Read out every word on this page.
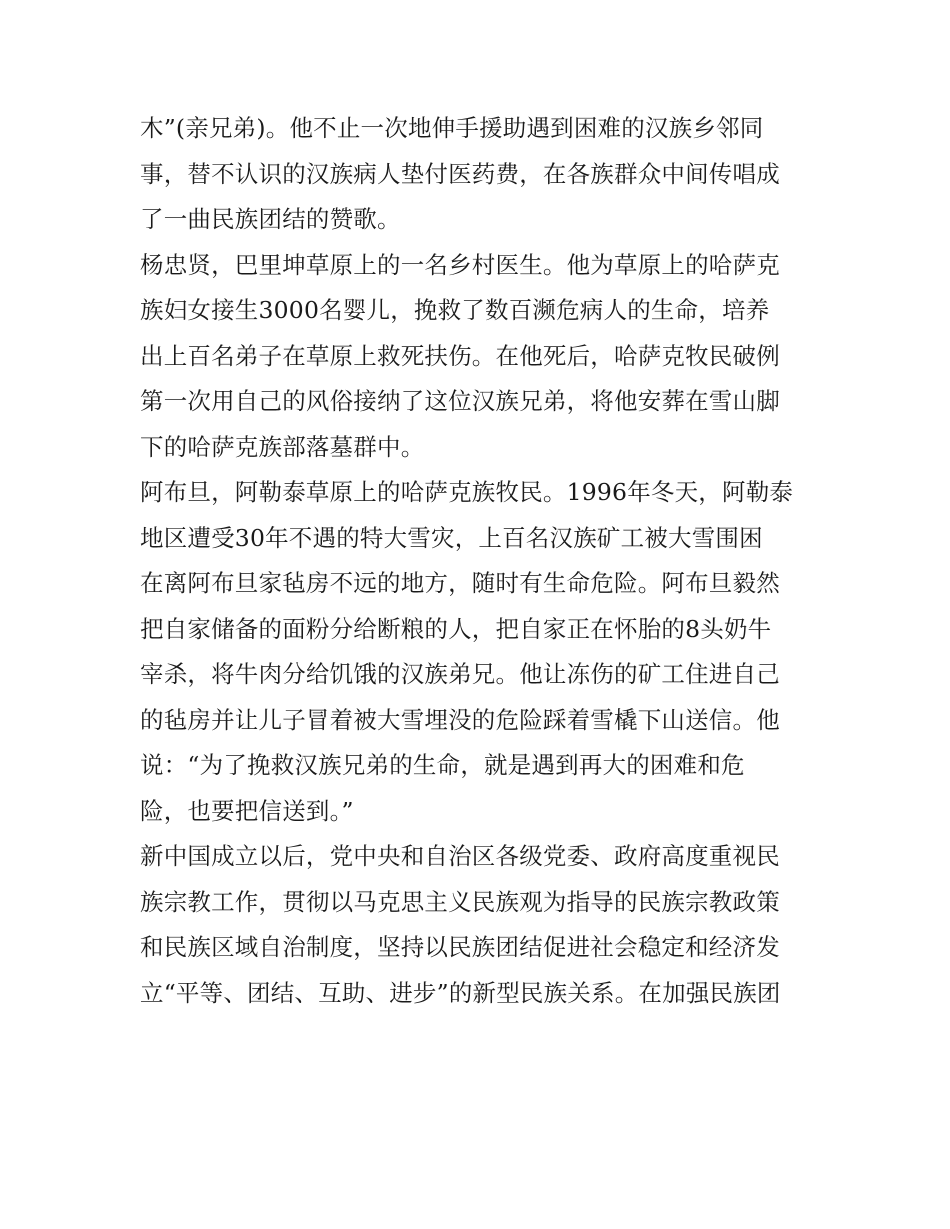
木”(亲兄弟)。他不止一次地伸手援助遇到困难的汉族乡邻同
事，替不认识的汉族病人垫付医药费，在各族群众中间传唱成
了一曲民族团结的赞歌。
杨忠贤，巴里坤草原上的一名乡村医生。他为草原上的哈萨克
族妇女接生3000名婴儿，挽救了数百濒危病人的生命，培养
出上百名弟子在草原上救死扶伤。在他死后，哈萨克牧民破例
第一次用自己的风俗接纳了这位汉族兄弟，将他安葬在雪山脚
下的哈萨克族部落墓群中。
阿布旦，阿勒泰草原上的哈萨克族牧民。1996年冬天，阿勒泰
地区遭受30年不遇的特大雪灾，上百名汉族矿工被大雪围困
在离阿布旦家毡房不远的地方，随时有生命危险。阿布旦毅然
把自家储备的面粉分给断粮的人，把自家正在怀胎的8头奶牛
宰杀，将牛肉分给饥饿的汉族弟兄。他让冻伤的矿工住进自己
的毡房并让儿子冒着被大雪埋没的危险踩着雪橇下山送信。他
说：“为了挽救汉族兄弟的生命，就是遇到再大的困难和危
险，也要把信送到。”
新中国成立以后，党中央和自治区各级党委、政府高度重视民
族宗教工作，贯彻以马克思主义民族观为指导的民族宗教政策
和民族区域自治制度，坚持以民族团结促进社会稳定和经济发
立“平等、团结、互助、进步”的新型民族关系。在加强民族团
